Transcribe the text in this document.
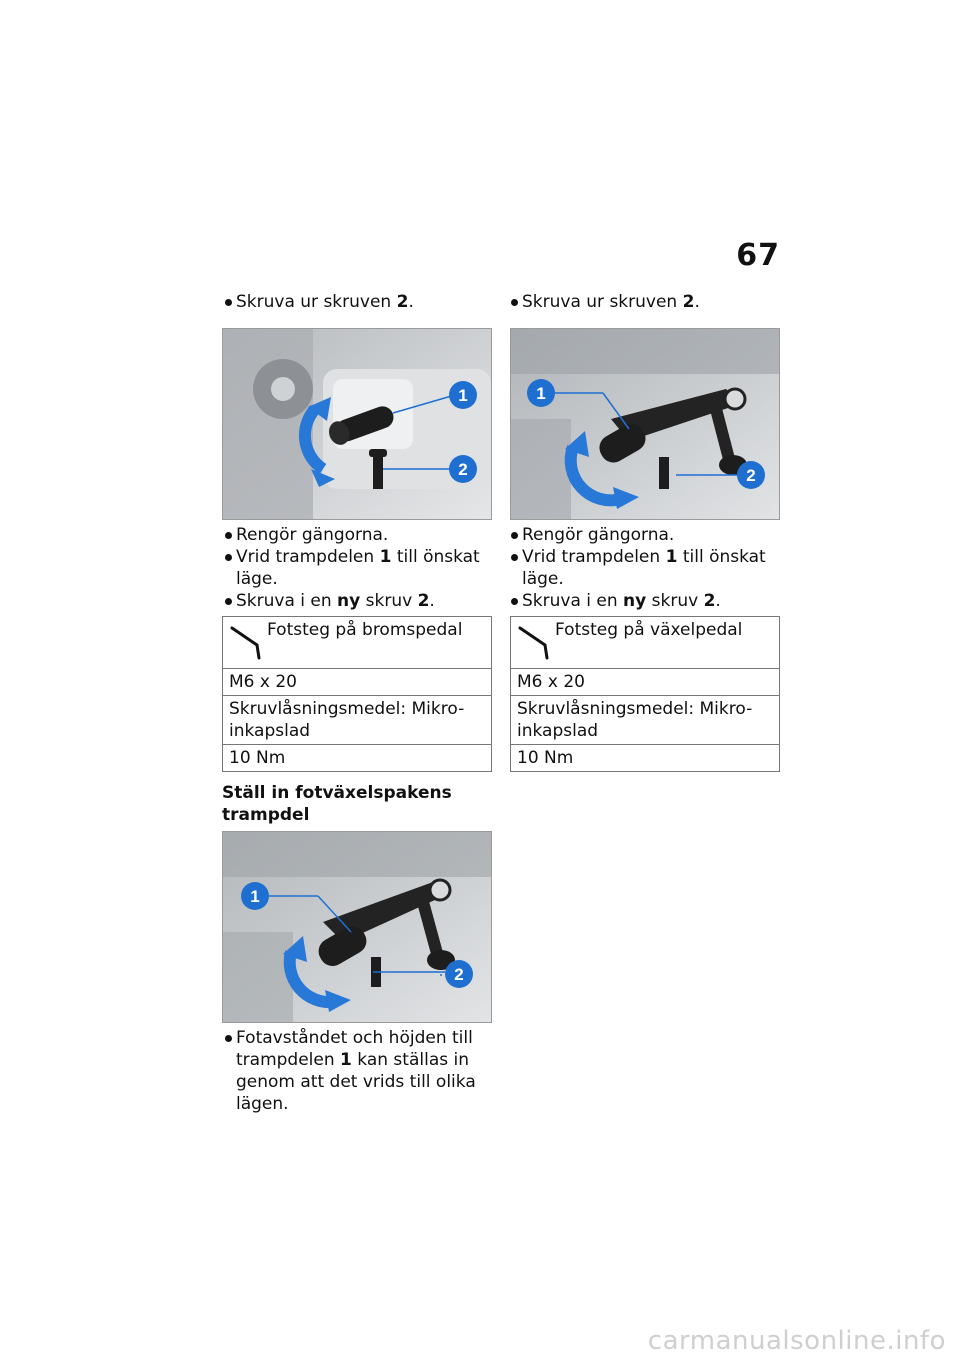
67
Skruva ur skruven 2.
1
2
Rengör gängorna.
Vrid trampdelen 1 till önskat läge.
Skruva i en ny skruv 2.
Fotsteg på bromspedal
M6 x 20
Skruvlåsningsmedel: Mikro-inkapslad
10 Nm
Ställ in fotväxelspakens trampdel
1
2
Fotavståndet och höjden till trampdelen 1 kan ställas in genom att det vrids till olika lägen.
Skruva ur skruven 2.
1
2
Rengör gängorna.
Vrid trampdelen 1 till önskat läge.
Skruva i en ny skruv 2.
Fotsteg på växelpedal
M6 x 20
Skruvlåsningsmedel: Mikro-inkapslad
10 Nm
carmanualsonline.info
